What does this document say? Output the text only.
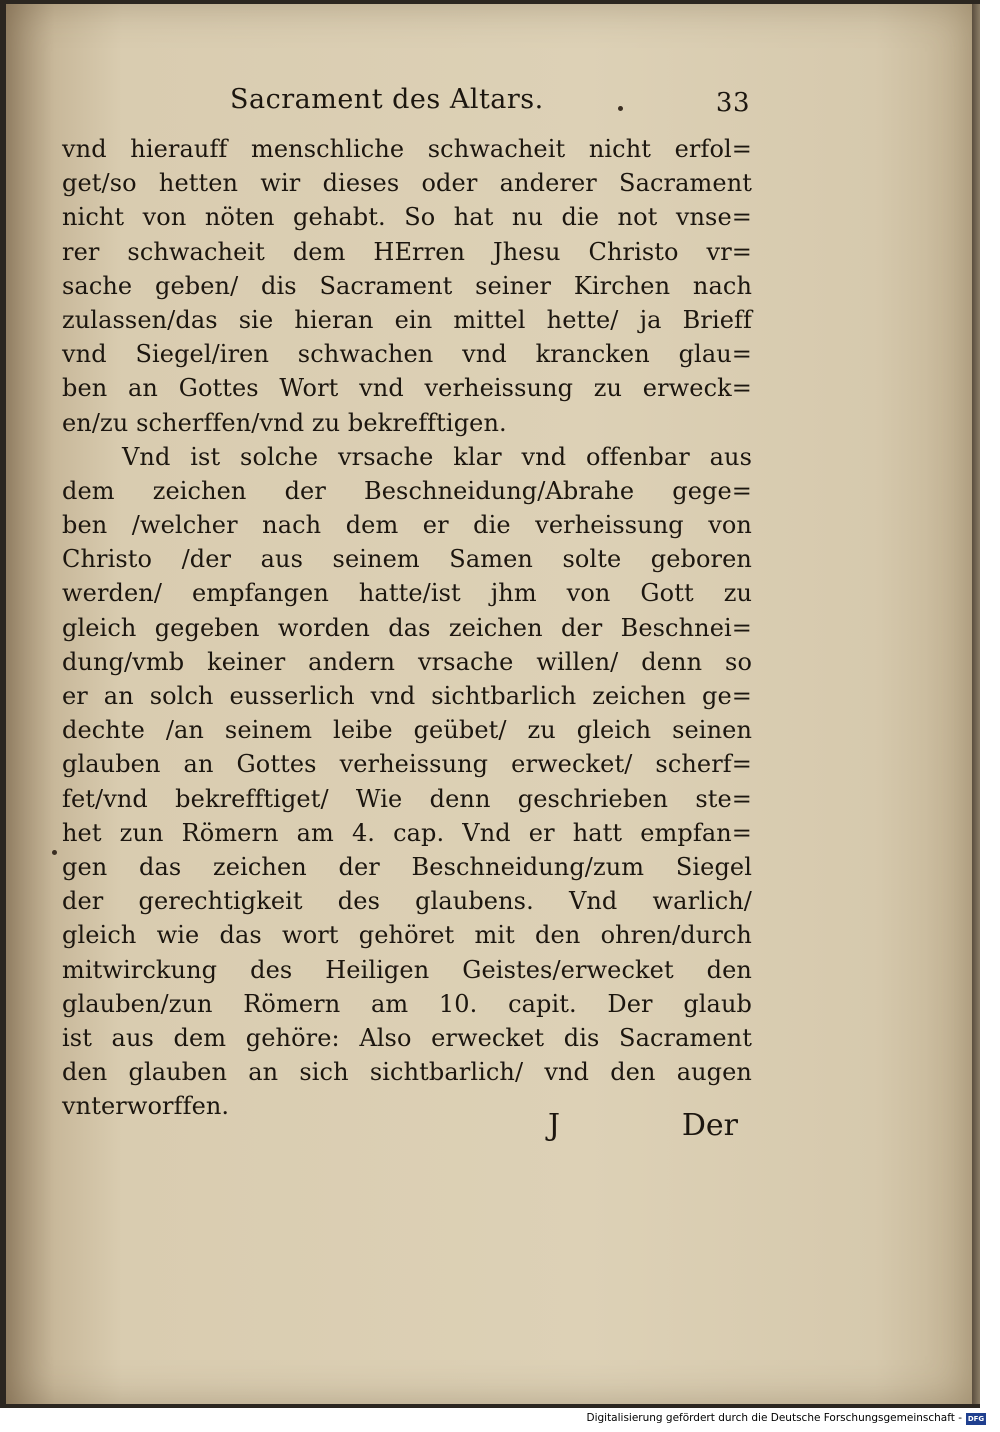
Sacrament des Altars.	33
vnd hierauff menschliche schwacheit nicht erfol=
get/so hetten wir dieses oder anderer Sacrament
nicht von nöten gehabt. So hat nu die not vnse=
rer schwacheit dem HErren Jhesu Christo vr=
sache geben/ dis Sacrament seiner Kirchen nach
zulassen/das sie hieran ein mittel hette/ ja Brieff
vnd Siegel/iren schwachen vnd krancken glau=
ben an Gottes Wort vnd verheissung zu erweck=
en/zu scherffen/vnd zu bekrefftigen.
Vnd ist solche vrsache klar vnd offenbar aus
dem zeichen der Beschneidung/Abrahe gege=
ben /welcher nach dem er die verheissung von
Christo /der aus seinem Samen solte geboren
werden/ empfangen hatte/ist jhm von Gott zu
gleich gegeben worden das zeichen der Beschnei=
dung/vmb keiner andern vrsache willen/ denn so
er an solch eusserlich vnd sichtbarlich zeichen ge=
dechte /an seinem leibe geübet/ zu gleich seinen
glauben an Gottes verheissung erwecket/ scherf=
fet/vnd bekrefftiget/ Wie denn geschrieben ste=
het zun Römern am 4. cap. Vnd er hatt empfan=
gen das zeichen der Beschneidung/zum Siegel
der gerechtigkeit des glaubens. Vnd warlich/
gleich wie das wort gehöret mit den ohren/durch
mitwirckung des Heiligen Geistes/erwecket den
glauben/zun Römern am 10. capit. Der glaub
ist aus dem gehöre: Also erwecket dis Sacrament
den glauben an sich sichtbarlich/ vnd den augen
vnterworffen.
J	Der
Digitalisierung gefördert durch die Deutsche Forschungsgemeinschaft - DFG
